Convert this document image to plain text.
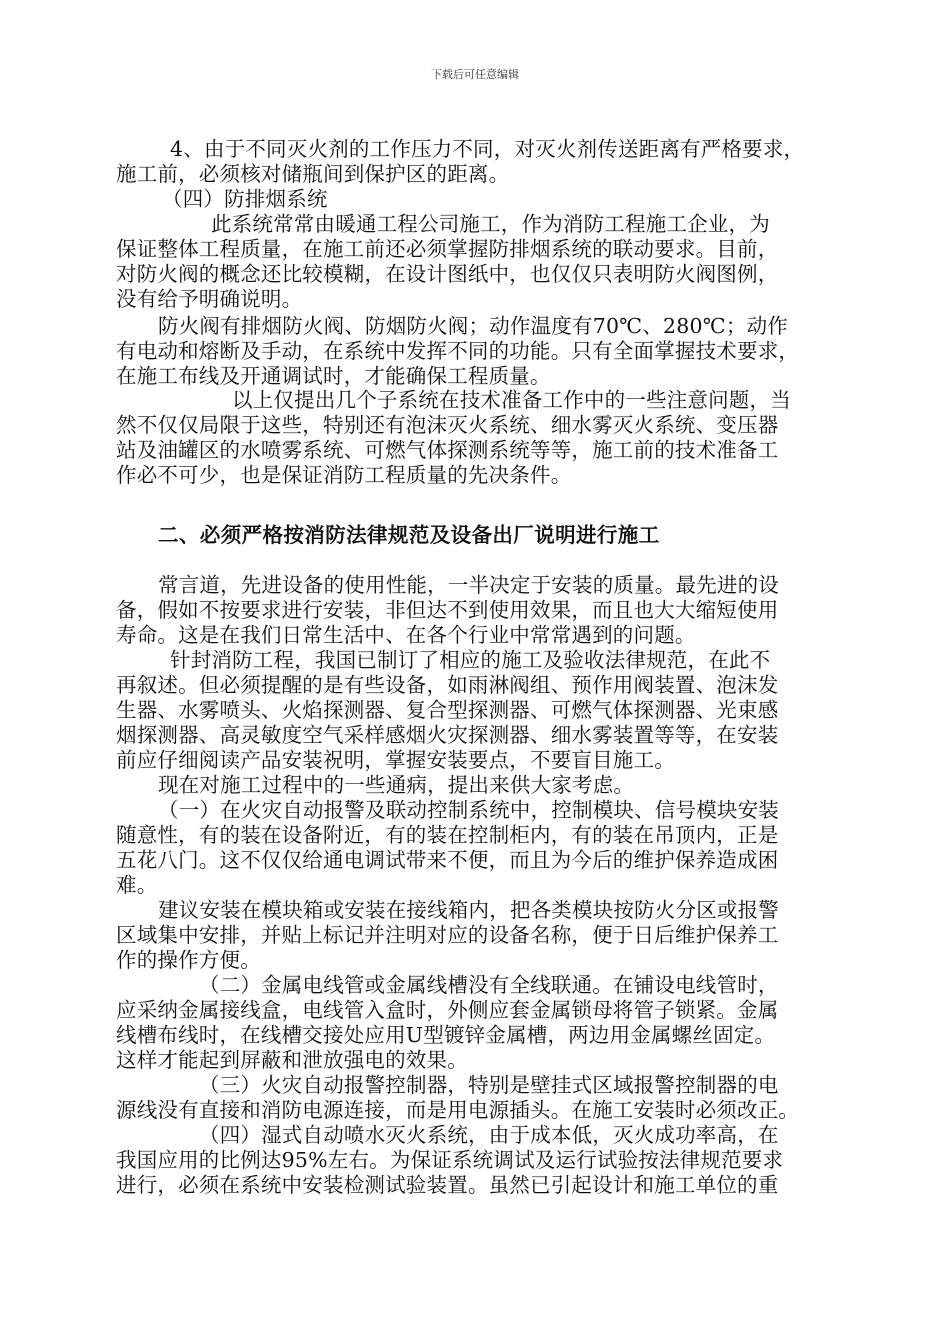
下载后可任意编辑
4、由于不同灭火剂的工作压力不同，对灭火剂传送距离有严格要求，
施工前，必须核对储瓶间到保护区的距离。
（四）防排烟系统
此系统常常由暖通工程公司施工，作为消防工程施工企业，为
保证整体工程质量，在施工前还必须掌握防排烟系统的联动要求。目前，
对防火阀的概念还比较模糊，在设计图纸中，也仅仅只表明防火阀图例，
没有给予明确说明。
防火阀有排烟防火阀、防烟防火阀；动作温度有70℃、280℃；动作
有电动和熔断及手动，在系统中发挥不同的功能。只有全面掌握技术要求，
在施工布线及开通调试时，才能确保工程质量。
以上仅提出几个子系统在技术准备工作中的一些注意问题，当
然不仅仅局限于这些，特别还有泡沫灭火系统、细水雾灭火系统、变压器
站及油罐区的水喷雾系统、可燃气体探测系统等等，施工前的技术准备工
作必不可少，也是保证消防工程质量的先决条件。
二、必须严格按消防法律规范及设备出厂说明进行施工
常言道，先进设备的使用性能，一半决定于安装的质量。最先进的设
备，假如不按要求进行安装，非但达不到使用效果，而且也大大缩短使用
寿命。这是在我们日常生活中、在各个行业中常常遇到的问题。
针封消防工程，我国已制订了相应的施工及验收法律规范，在此不
再叙述。但必须提醒的是有些设备，如雨淋阀组、预作用阀装置、泡沫发
生器、水雾喷头、火焰探测器、复合型探测器、可燃气体探测器、光束感
烟探测器、高灵敏度空气采样感烟火灾探测器、细水雾装置等等，在安装
前应仔细阅读产品安装祝明，掌握安装要点，不要盲目施工。
现在对施工过程中的一些通病，提出来供大家考虑。
（一）在火灾自动报警及联动控制系统中，控制模块、信号模块安装
随意性，有的装在设备附近，有的装在控制柜内，有的装在吊顶内，正是
五花八门。这不仅仅给通电调试带来不便，而且为今后的维护保养造成困
难。
建议安装在模块箱或安装在接线箱内，把各类模块按防火分区或报警
区域集中安排，并贴上标记并注明对应的设备名称，便于日后维护保养工
作的操作方便。
（二）金属电线管或金属线槽没有全线联通。在铺设电线管时，
应采纳金属接线盒，电线管入盒时，外侧应套金属锁母将管子锁紧。金属
线槽布线时，在线槽交接处应用U型镀锌金属槽，两边用金属螺丝固定。
这样才能起到屏蔽和泄放强电的效果。
（三）火灾自动报警控制器，特别是壁挂式区域报警控制器的电
源线没有直接和消防电源连接，而是用电源插头。在施工安装时必须改正。
（四）湿式自动喷水灭火系统，由于成本低，灭火成功率高，在
我国应用的比例达95%左右。为保证系统调试及运行试验按法律规范要求
进行，必须在系统中安装检测试验装置。虽然已引起设计和施工单位的重
